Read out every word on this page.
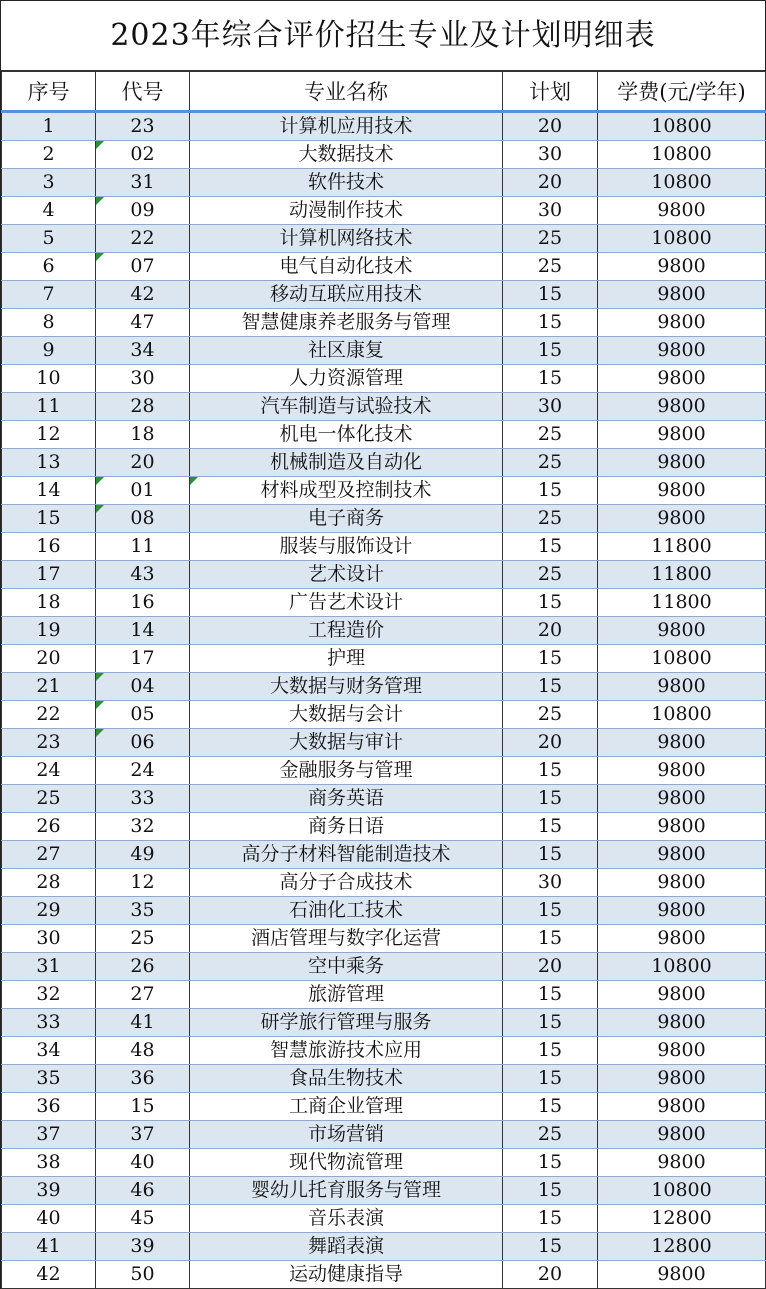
2023年综合评价招生专业及计划明细表
序号	代号	专业名称	计划	学费(元/学年)
1	23	计算机应用技术	20	10800
2	02	大数据技术	30	10800
3	31	软件技术	20	10800
4	09	动漫制作技术	30	9800
5	22	计算机网络技术	25	10800
6	07	电气自动化技术	25	9800
7	42	移动互联应用技术	15	9800
8	47	智慧健康养老服务与管理	15	9800
9	34	社区康复	15	9800
10	30	人力资源管理	15	9800
11	28	汽车制造与试验技术	30	9800
12	18	机电一体化技术	25	9800
13	20	机械制造及自动化	25	9800
14	01	材料成型及控制技术	15	9800
15	08	电子商务	25	9800
16	11	服装与服饰设计	15	11800
17	43	艺术设计	25	11800
18	16	广告艺术设计	15	11800
19	14	工程造价	20	9800
20	17	护理	15	10800
21	04	大数据与财务管理	15	9800
22	05	大数据与会计	25	10800
23	06	大数据与审计	20	9800
24	24	金融服务与管理	15	9800
25	33	商务英语	15	9800
26	32	商务日语	15	9800
27	49	高分子材料智能制造技术	15	9800
28	12	高分子合成技术	30	9800
29	35	石油化工技术	15	9800
30	25	酒店管理与数字化运营	15	9800
31	26	空中乘务	20	10800
32	27	旅游管理	15	9800
33	41	研学旅行管理与服务	15	9800
34	48	智慧旅游技术应用	15	9800
35	36	食品生物技术	15	9800
36	15	工商企业管理	15	9800
37	37	市场营销	25	9800
38	40	现代物流管理	15	9800
39	46	婴幼儿托育服务与管理	15	10800
40	45	音乐表演	15	12800
41	39	舞蹈表演	15	12800
42	50	运动健康指导	20	9800
